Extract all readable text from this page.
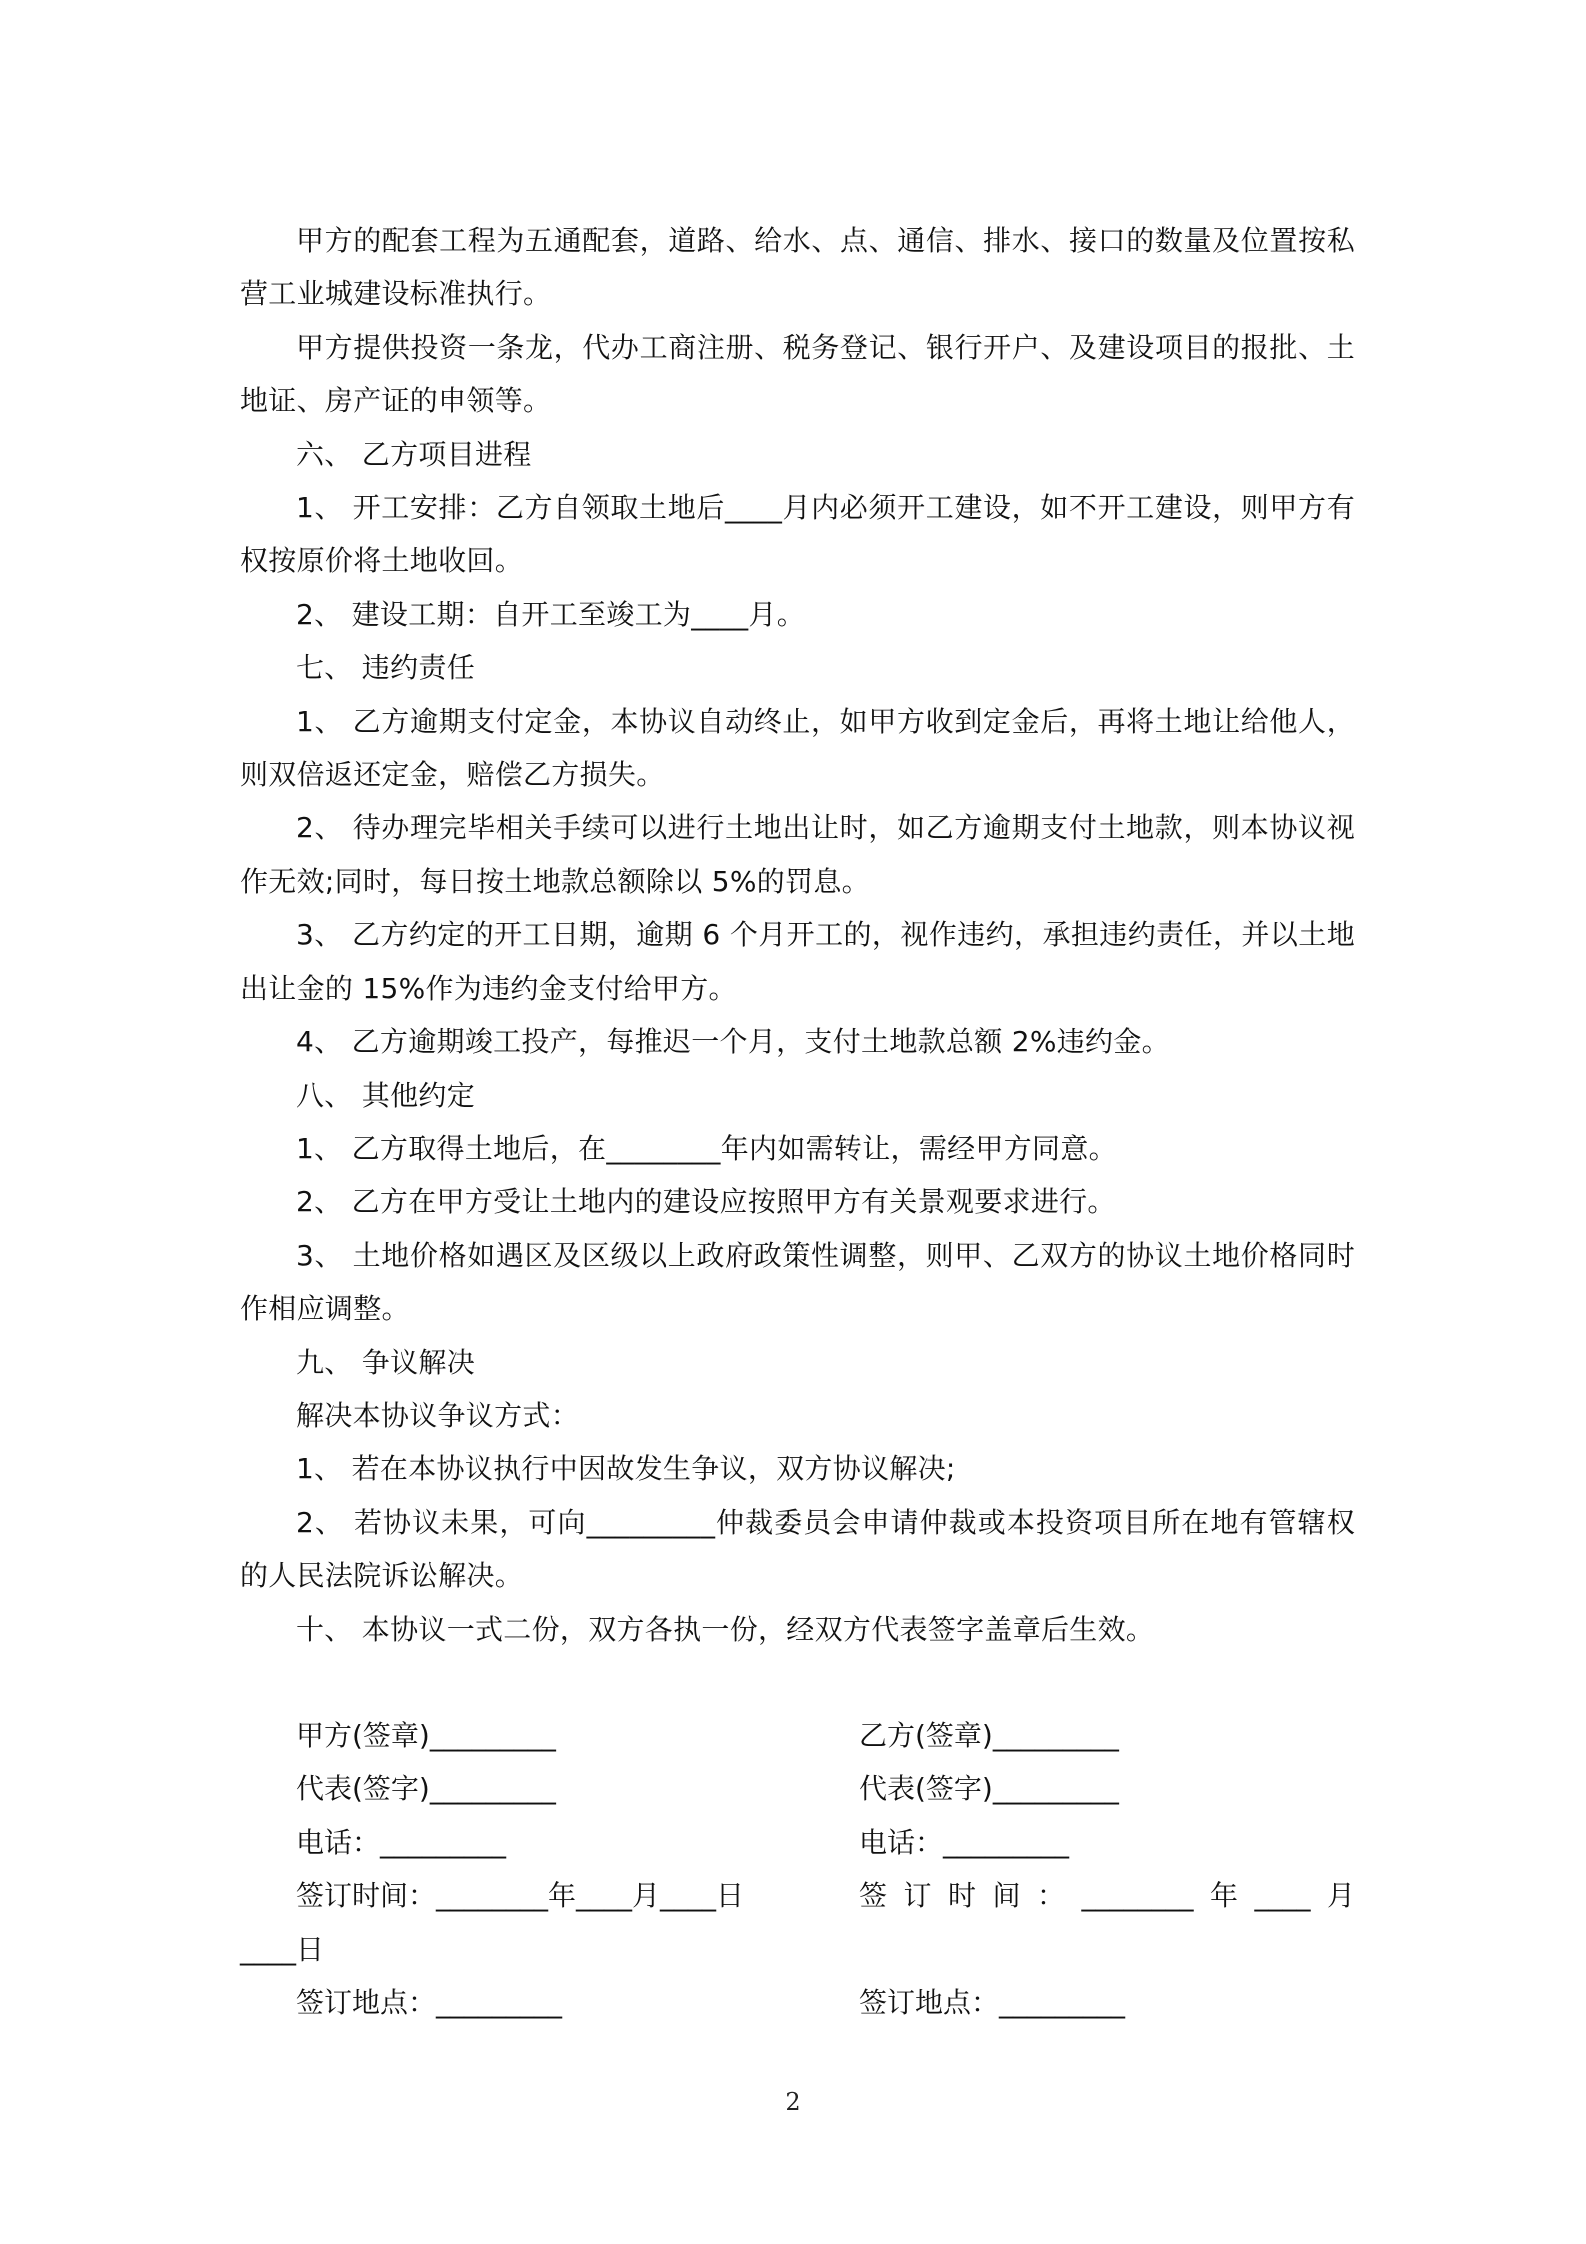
甲方的配套工程为五通配套，道路、给水、点、通信、排水、接口的数量及位置按私
营工业城建设标准执行。
甲方提供投资一条龙，代办工商注册、税务登记、银行开户、及建设项目的报批、土
地证、房产证的申领等。
六、 乙方项目进程
1、 开工安排：乙方自领取土地后____月内必须开工建设，如不开工建设，则甲方有
权按原价将土地收回。
2、 建设工期：自开工至竣工为____月。
七、 违约责任
1、 乙方逾期支付定金，本协议自动终止，如甲方收到定金后，再将土地让给他人，
则双倍返还定金，赔偿乙方损失。
2、 待办理完毕相关手续可以进行土地出让时，如乙方逾期支付土地款，则本协议视
作无效;同时，每日按土地款总额除以 5%的罚息。
3、 乙方约定的开工日期，逾期 6 个月开工的，视作违约，承担违约责任，并以土地
出让金的 15%作为违约金支付给甲方。
4、 乙方逾期竣工投产，每推迟一个月，支付土地款总额 2%违约金。
八、 其他约定
1、 乙方取得土地后，在________年内如需转让，需经甲方同意。
2、 乙方在甲方受让土地内的建设应按照甲方有关景观要求进行。
3、 土地价格如遇区及区级以上政府政策性调整，则甲、乙双方的协议土地价格同时
作相应调整。
九、 争议解决
解决本协议争议方式：
1、 若在本协议执行中因故发生争议，双方协议解决;
2、 若协议未果，可向_________仲裁委员会申请仲裁或本投资项目所在地有管辖权
的人民法院诉讼解决。
十、 本协议一式二份，双方各执一份，经双方代表签字盖章后生效。
甲方(签章)_________	乙方(签章)_________
代表(签字)_________	代表(签字)_________
电话：_________	电话：_________
签订时间：________年____月____日	签订时间：________年____月
____日
签订地点：_________	签订地点：_________
2
